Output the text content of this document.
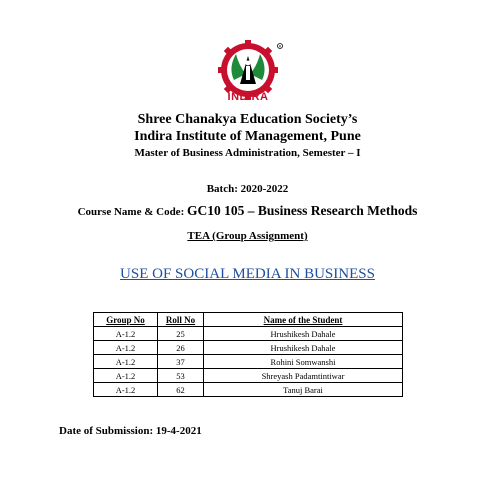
R
INDIRA
Shree Chanakya Education Society’s
Indira Institute of Management, Pune
Master of Business Administration, Semester – I
Batch: 2020-2022
Course Name & Code: GC10 105 – Business Research Methods
TEA (Group Assignment)
USE OF SOCIAL MEDIA IN BUSINESS
Group No	Roll No	Name of the Student
A-1.2	25	Hrushikesh Dahale
A-1.2	26	Hrushikesh Dahale
A-1.2	37	Rohini Somwanshi
A-1.2	53	Shreyash Padamtintiwar
A-1.2	62	Tanuj Barai
Date of Submission: 19-4-2021
